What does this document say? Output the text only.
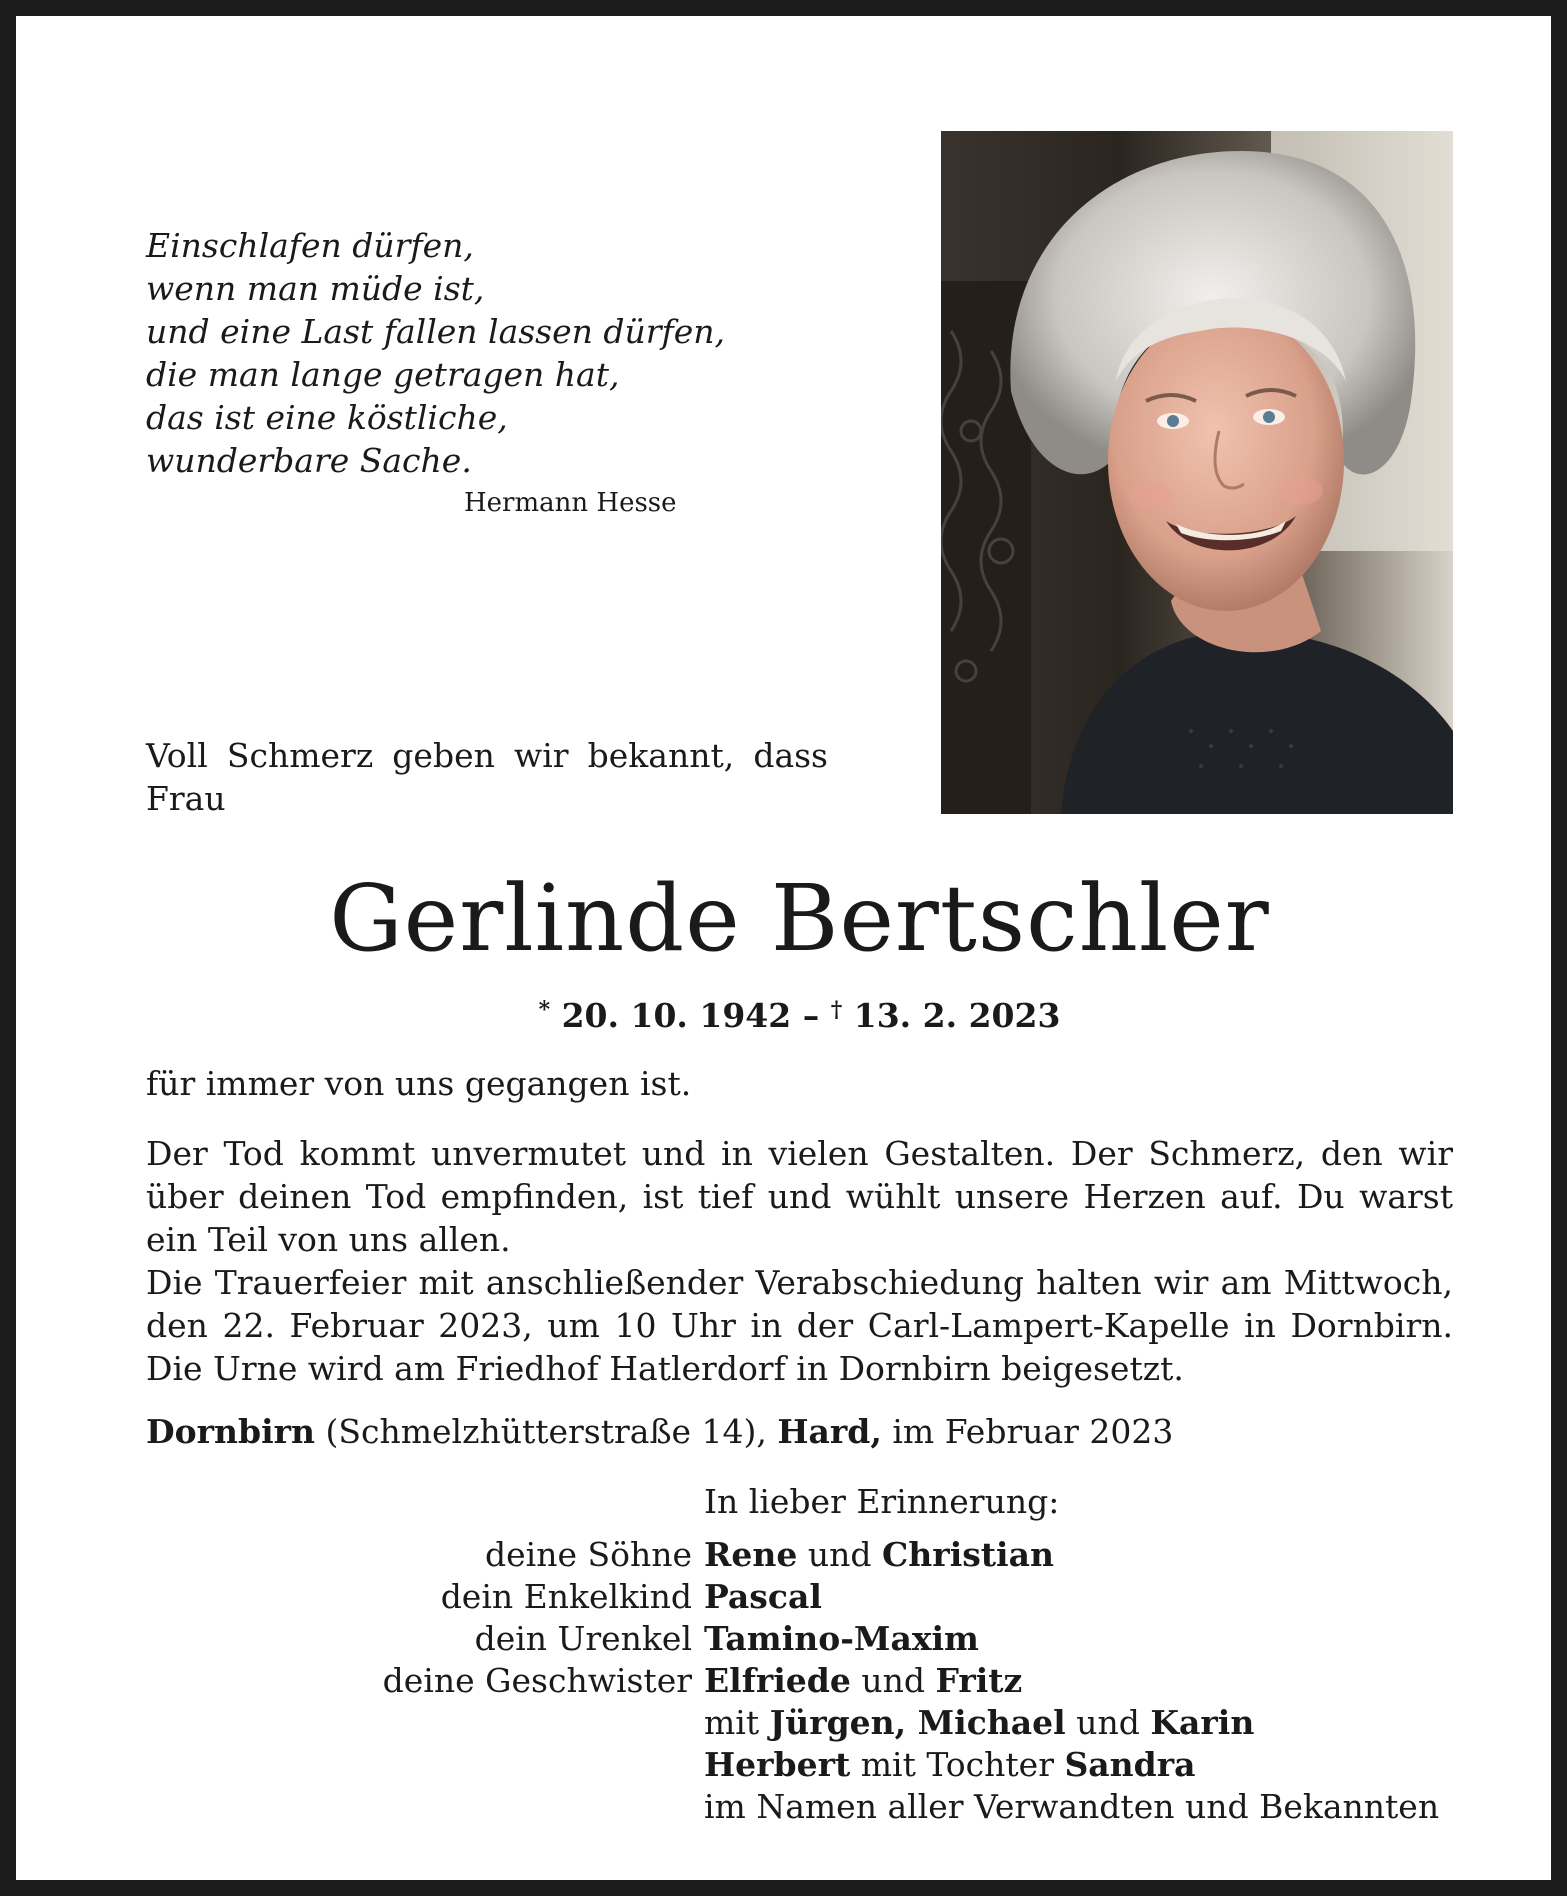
Einschlafen dürfen,
wenn man müde ist,
und eine Last fallen lassen dürfen,
die man lange getragen hat,
das ist eine köstliche,
wunderbare Sache.
Hermann Hesse
Voll Schmerz geben wir bekannt, dass Frau
Gerlinde Bertschler
* 20. 10. 1942 – † 13. 2. 2023
für immer von uns gegangen ist.
Der Tod kommt unvermutet und in vielen Gestalten. Der Schmerz, den wir über deinen Tod empfinden, ist tief und wühlt unsere Herzen auf. Du warst ein Teil von uns allen.
Die Trauerfeier mit anschließender Verabschiedung halten wir am Mittwoch, den 22. Februar 2023, um 10 Uhr in der Carl-Lampert-Kapelle in Dornbirn. Die Urne wird am Friedhof Hatlerdorf in Dornbirn beigesetzt.
Dornbirn (Schmelzhütterstraße 14), Hard, im Februar 2023
In lieber Erinnerung:
deine Söhne Rene und Christian
dein Enkelkind Pascal
dein Urenkel Tamino-Maxim
deine Geschwister Elfriede und Fritz
mit Jürgen, Michael und Karin
Herbert mit Tochter Sandra
im Namen aller Verwandten und Bekannten
